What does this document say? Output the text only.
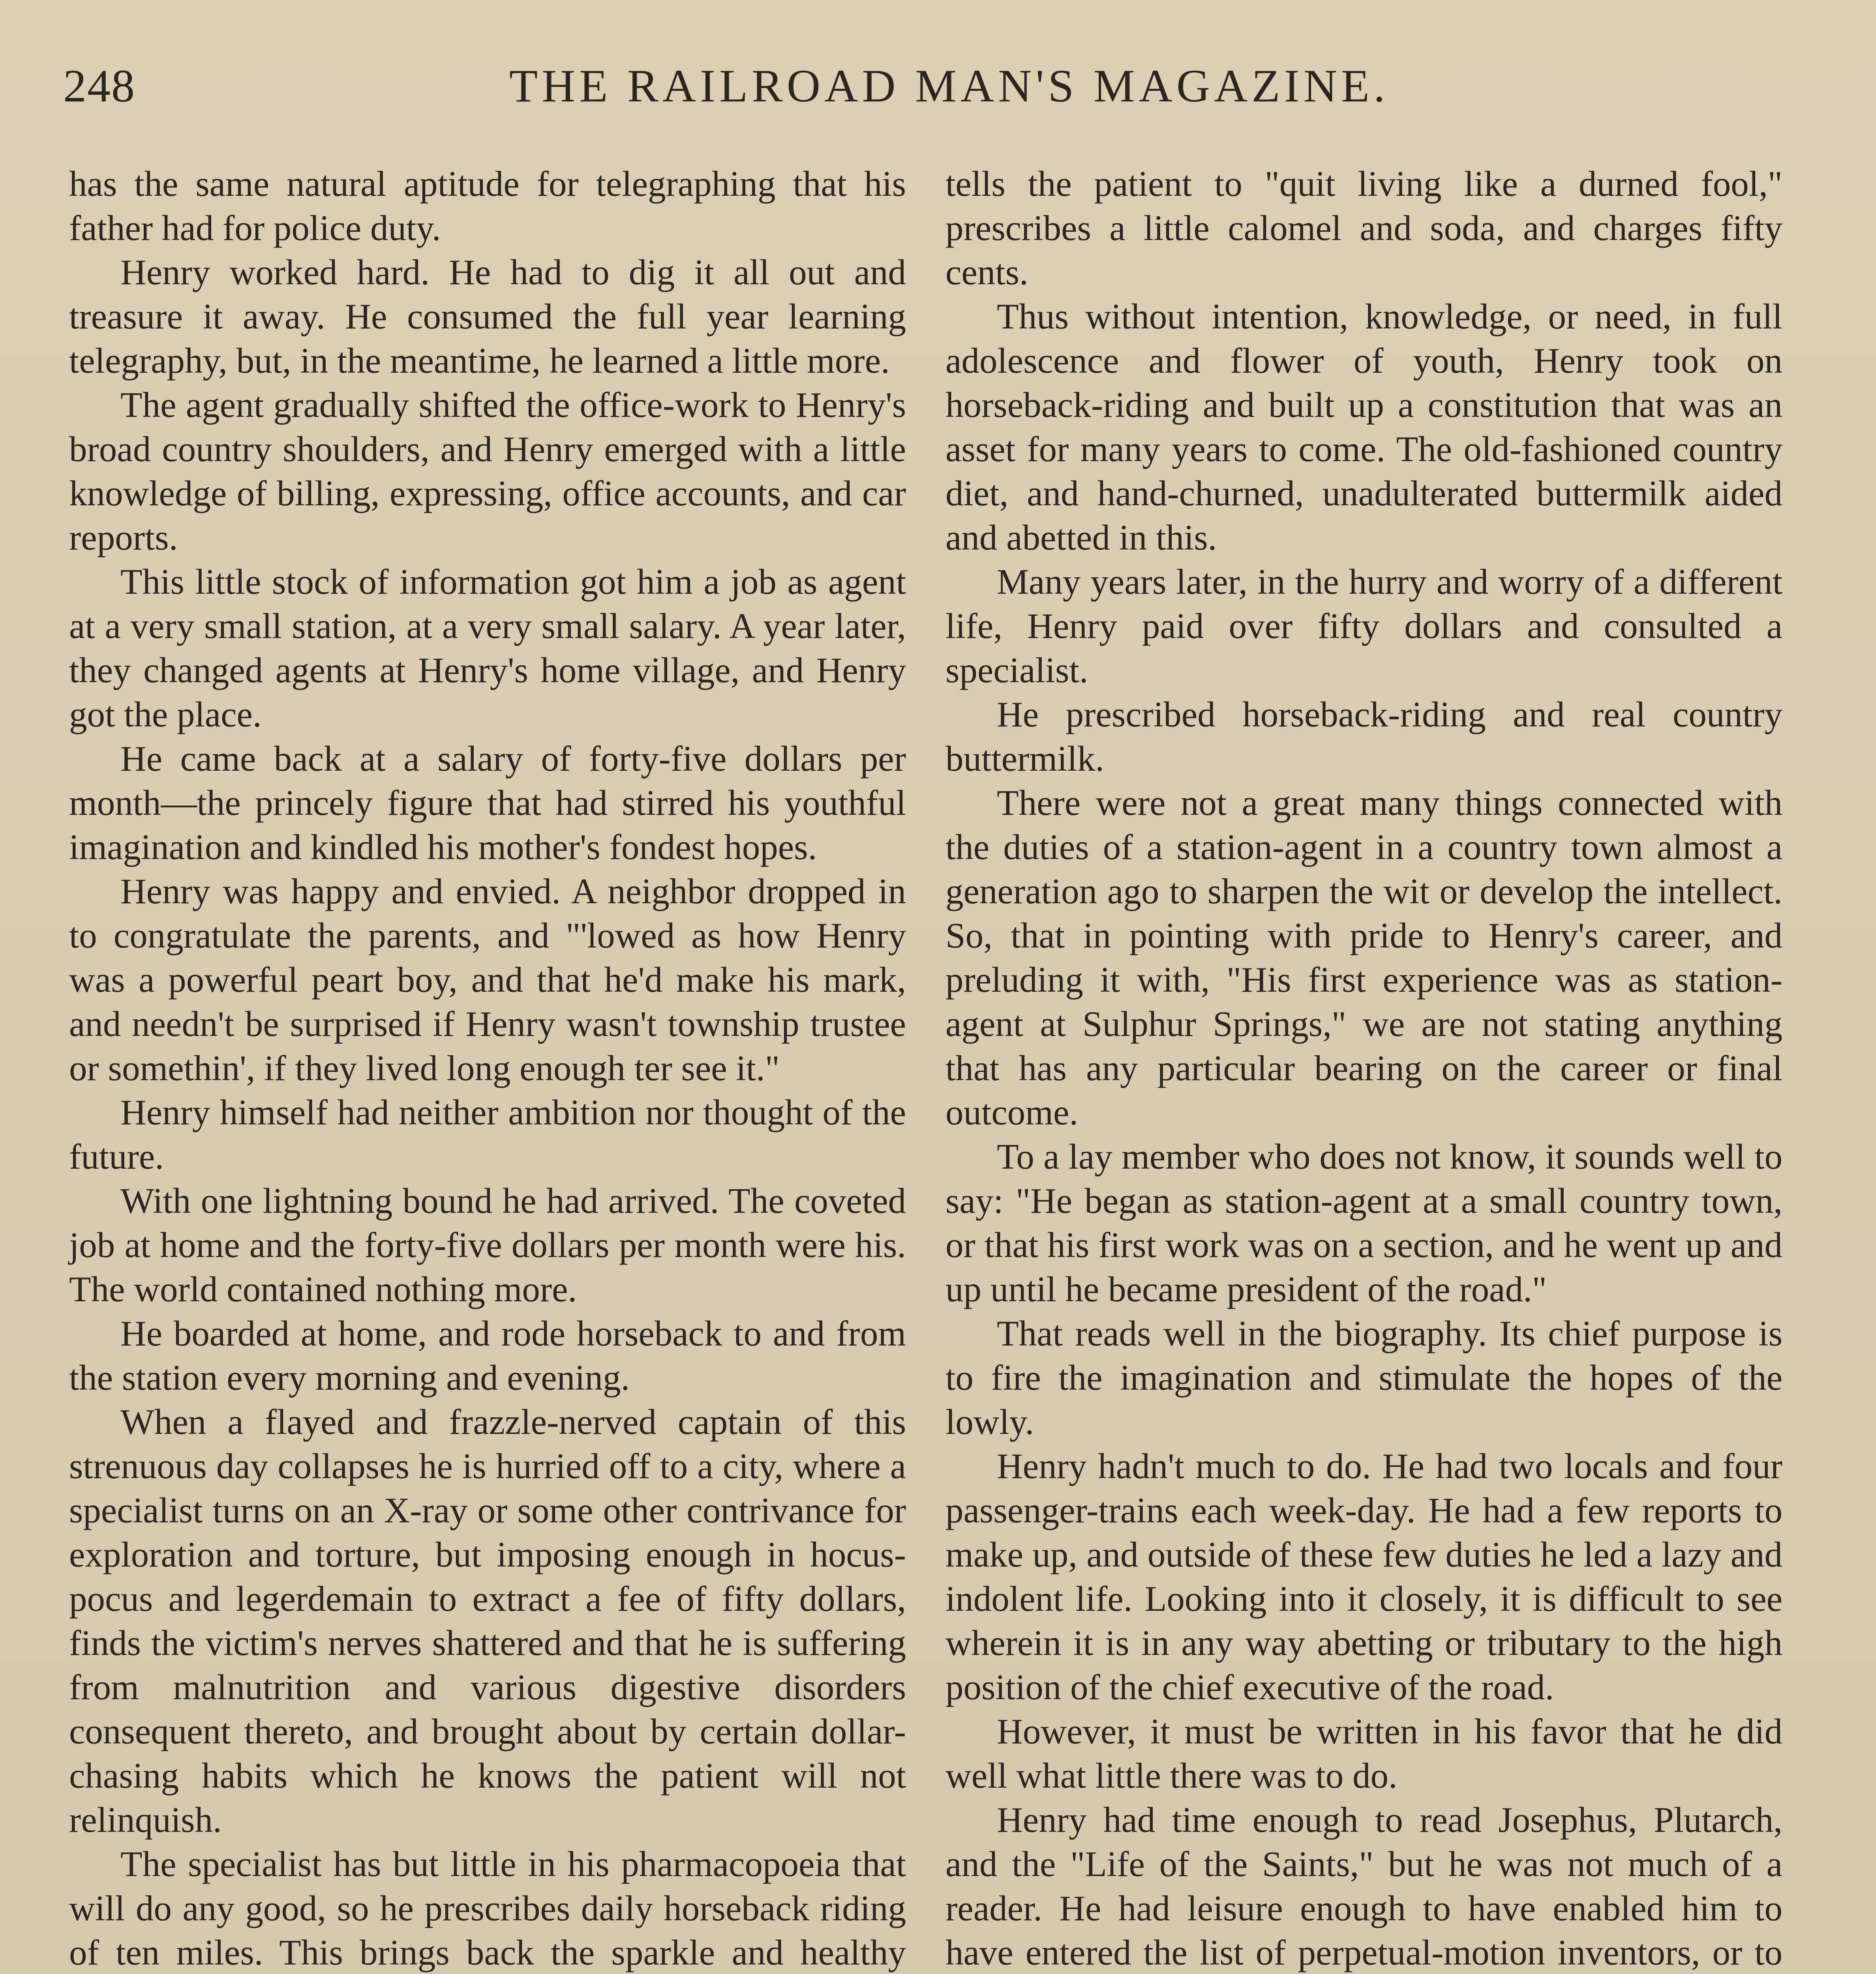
248	THE RAILROAD MAN'S MAGAZINE.

has the same natural aptitude for telegraphing that his father had for police duty.

Henry worked hard. He had to dig it all out and treasure it away. He consumed the full year learning telegraphy, but, in the meantime, he learned a little more.

The agent gradually shifted the office-work to Henry's broad country shoulders, and Henry emerged with a little knowledge of billing, expressing, office accounts, and car reports.

This little stock of information got him a job as agent at a very small station, at a very small salary. A year later, they changed agents at Henry's home village, and Henry got the place.

He came back at a salary of forty-five dollars per month—the princely figure that had stirred his youthful imagination and kindled his mother's fondest hopes.

Henry was happy and envied. A neighbor dropped in to congratulate the parents, and "'lowed as how Henry was a powerful peart boy, and that he'd make his mark, and needn't be surprised if Henry wasn't township trustee or somethin', if they lived long enough ter see it."

Henry himself had neither ambition nor thought of the future.

With one lightning bound he had arrived. The coveted job at home and the forty-five dollars per month were his. The world contained nothing more.

He boarded at home, and rode horseback to and from the station every morning and evening.

When a flayed and frazzle-nerved captain of this strenuous day collapses he is hurried off to a city, where a specialist turns on an X-ray or some other contrivance for exploration and torture, but imposing enough in hocus-pocus and legerdemain to extract a fee of fifty dollars, finds the victim's nerves shattered and that he is suffering from malnutrition and various digestive disorders consequent thereto, and brought about by certain dollar-chasing habits which he knows the patient will not relinquish.

The specialist has but little in his pharmacopoeia that will do any good, so he prescribes daily horseback riding of ten miles. This brings back the sparkle and healthy

tells the patient to "quit living like a durned fool," prescribes a little calomel and soda, and charges fifty cents.

Thus without intention, knowledge, or need, in full adolescence and flower of youth, Henry took on horseback-riding and built up a constitution that was an asset for many years to come. The old-fashioned country diet, and hand-churned, unadulterated buttermilk aided and abetted in this.

Many years later, in the hurry and worry of a different life, Henry paid over fifty dollars and consulted a specialist.

He prescribed horseback-riding and real country buttermilk.

There were not a great many things connected with the duties of a station-agent in a country town almost a generation ago to sharpen the wit or develop the intellect. So, that in pointing with pride to Henry's career, and preluding it with, "His first experience was as station-agent at Sulphur Springs," we are not stating anything that has any particular bearing on the career or final outcome.

To a lay member who does not know, it sounds well to say: "He began as station-agent at a small country town, or that his first work was on a section, and he went up and up until he became president of the road."

That reads well in the biography. Its chief purpose is to fire the imagination and stimulate the hopes of the lowly.

Henry hadn't much to do. He had two locals and four passenger-trains each week-day. He had a few reports to make up, and outside of these few duties he led a lazy and indolent life. Looking into it closely, it is difficult to see wherein it is in any way abetting or tributary to the high position of the chief executive of the road.

However, it must be written in his favor that he did well what little there was to do.

Henry had time enough to read Josephus, Plutarch, and the "Life of the Saints," but he was not much of a reader. He had leisure enough to have enabled him to have entered the list of perpetual-motion inventors, or to
